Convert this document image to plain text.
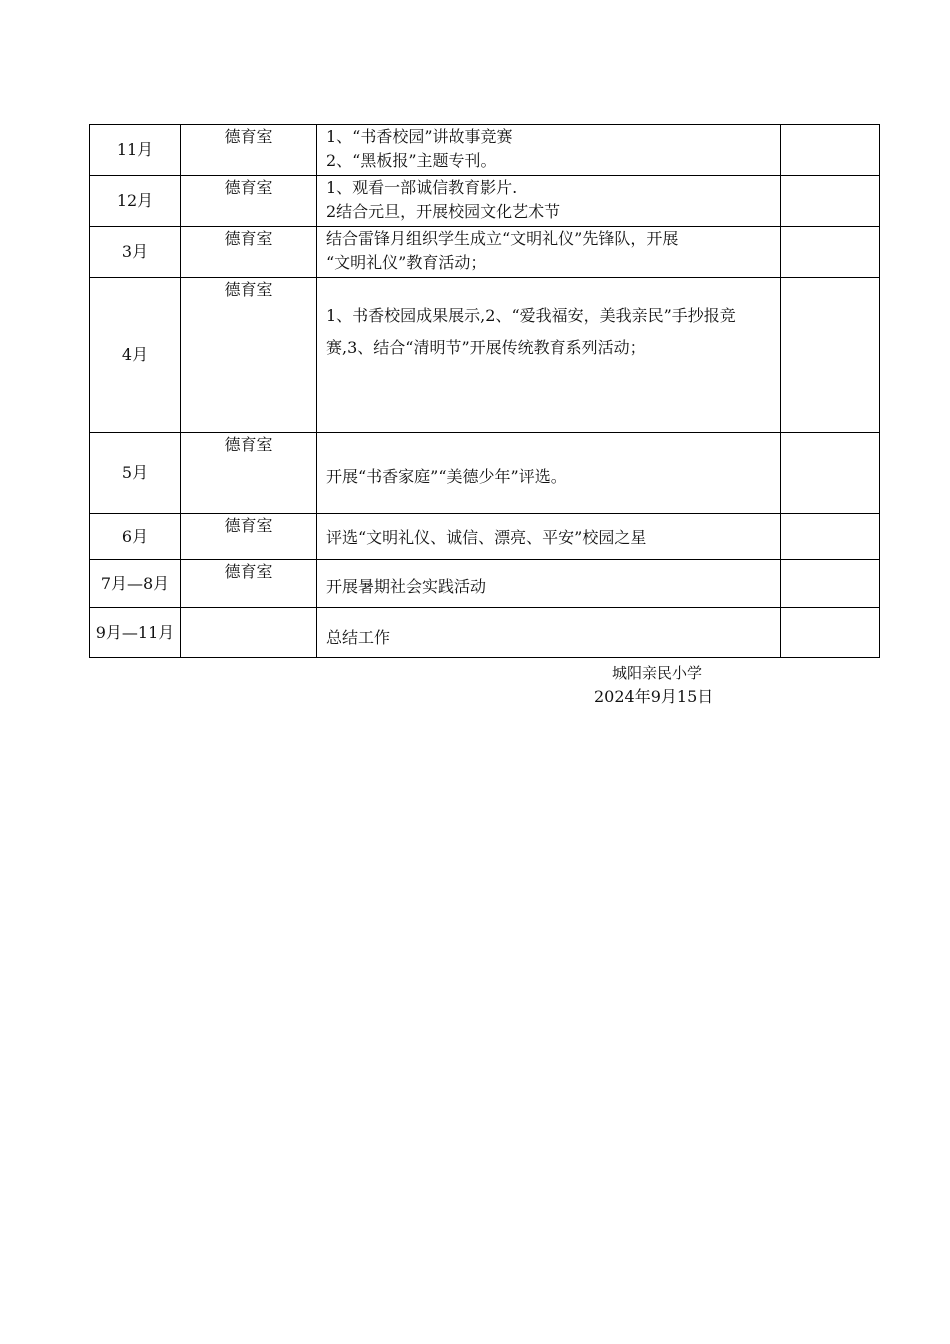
11月	德育室	1、“书香校园”讲故事竞赛
2、“黑板报”主题专刊。	

12月	德育室	1、观看一部诚信教育影片.
2结合元旦，开展校园文化艺术节	

3月	德育室	结合雷锋月组织学生成立“文明礼仪”先锋队，开展
“文明礼仪”教育活动；	

4月	德育室	1、书香校园成果展示,2、“爱我福安，美我亲民”手抄报竞赛,3、结合“清明节”开展传统教育系列活动；	

5月	德育室	开展“书香家庭”“美德少年”评选。	

6月	德育室	评选“文明礼仪、诚信、漂亮、平安”校园之星	

7月—8月	德育室	开展暑期社会实践活动	

9月—11月		总结工作	

城阳亲民小学
2024年9月15日
